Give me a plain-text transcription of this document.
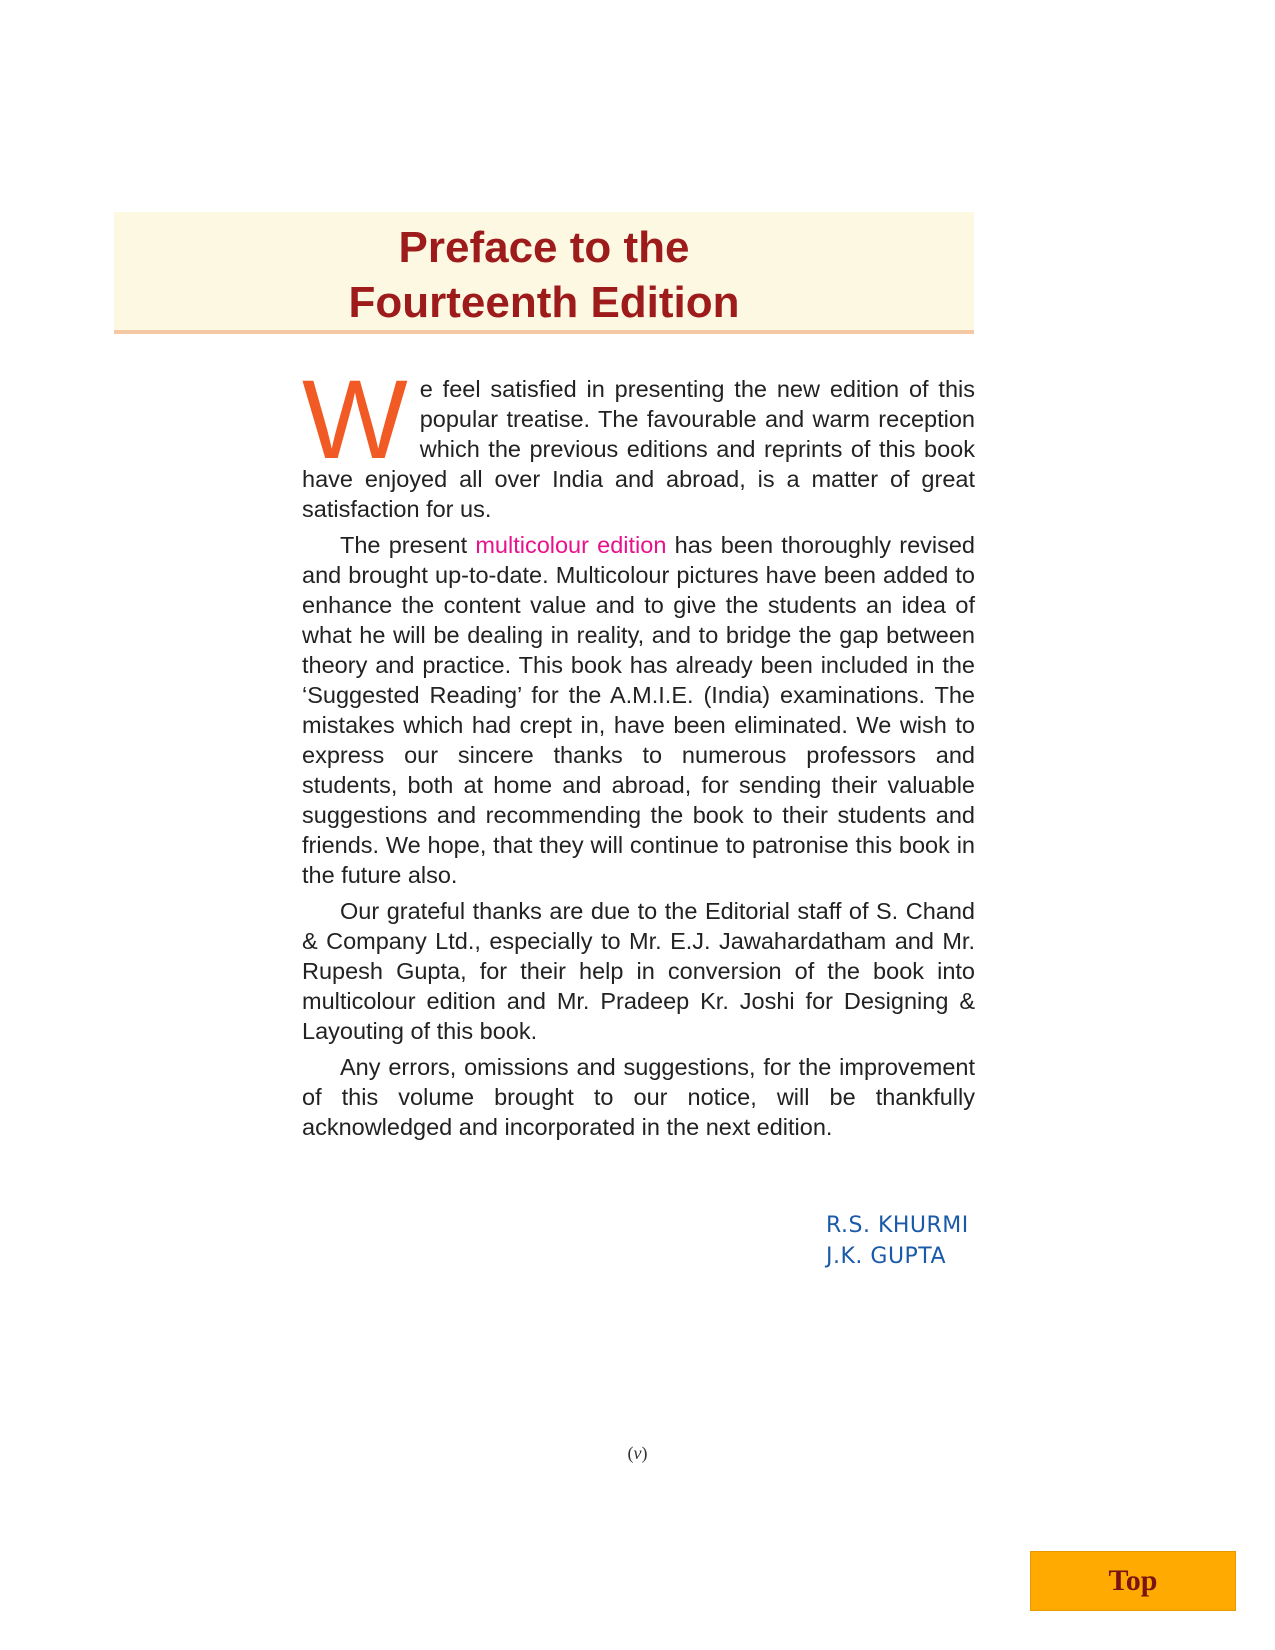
Preface to the
Fourteenth Edition

We feel satisfied in presenting the new edition of this popular treatise. The favourable and warm reception which the previous editions and reprints of this book have enjoyed all over India and abroad, is a matter of great satisfaction for us.

The present multicolour edition has been thoroughly revised and brought up-to-date. Multicolour pictures have been added to enhance the content value and to give the students an idea of what he will be dealing in reality, and to bridge the gap between theory and practice. This book has already been included in the ‘Suggested Reading’ for the A.M.I.E. (India) examinations. The mistakes which had crept in, have been eliminated. We wish to express our sincere thanks to numerous professors and students, both at home and abroad, for sending their valuable suggestions and recommending the book to their students and friends. We hope, that they will continue to patronise this book in the future also.

Our grateful thanks are due to the Editorial staff of S. Chand & Company Ltd., especially to Mr. E.J. Jawahardatham and Mr. Rupesh Gupta, for their help in conversion of the book into multicolour edition and Mr. Pradeep Kr. Joshi for Designing & Layouting of this book.

Any errors, omissions and suggestions, for the improvement of this volume brought to our notice, will be thankfully acknowledged and incorporated in the next edition.

R.S. KHURMI
J.K. GUPTA
(v)
Top
